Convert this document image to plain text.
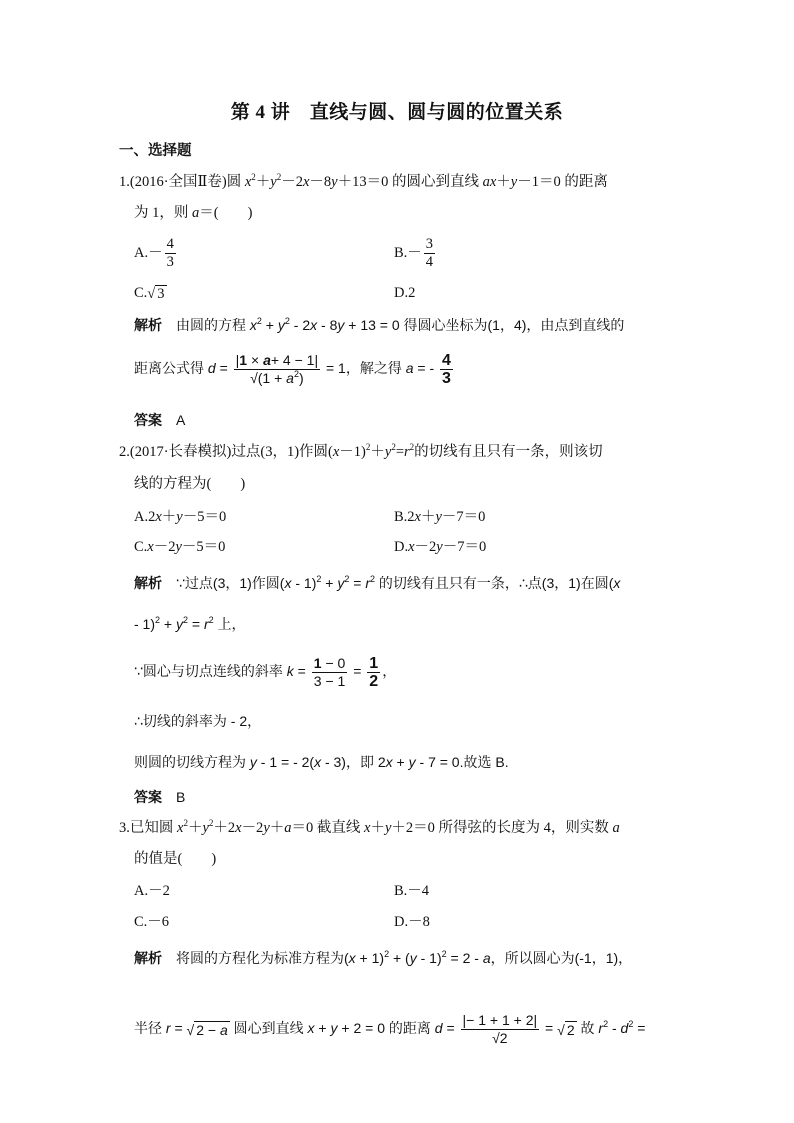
第 4 讲　直线与圆、圆与圆的位置关系
一、选择题
1.(2016·全国Ⅱ卷)圆 $x^2+y^2-2x-8y+13=0$ 的圆心到直线 ax＋y－1＝0 的距离
为 1，则 a＝(　　)
$A.- \frac{4}{3}$	$B.- \frac{3}{4}$
C.√ 3	D.2
解析　由圆的方程 $x^2 + y^2 - 2x - 8y + 13 = 0$ 得圆心坐标为(1，4)，由点到直线的
距离公式得 $d = \frac{|1 \times a+ 4 - 1|}{√(1 + a^2)} = 1$，解之得 a = - $\frac{4}{3}$
答案　A
2.(2017·长春模拟)过点(3，1)作圆$(x-1)^2+y^2=r^2$的切线有且只有一条，则该切
线的方程为(　　)
A.2x＋y－5＝0	B.2x＋y－7＝0
C.x－2y－5＝0	D.x－2y－7＝0
解析　∵过点(3，1)作圆$(x - 1)^2 + y^2 = r^2$ 的切线有且只有一条，∴点(3，1)在圆(x
- $1)^2 + y^2 = r^2$ 上，
∵圆心与切点连线的斜率 $k = \frac{1 - 0}{3 - 1} = \frac{1}{2}$ ，
∴切线的斜率为 - 2，
则圆的切线方程为 y - 1 = - 2(x - 3)，即 2x + y - 7 = 0.故选 B.
答案　B
3.已知圆 $x^2+y^2+2x-2y+a=0$ 截直线 x＋y＋2＝0 所得弦的长度为 4，则实数 a
的值是(　　)
A.－2	B.－4
C.－6	D.－8
解析　将圆的方程化为标准方程为$(x + 1)^2 + (y - 1)^2 = 2 - a$，所以圆心为(-1，1)，
半径 r = √ 2 − a 圆心到直线 x + y + 2 = 0 的距离 $d = \frac{|- 1 + 1 + 2|}{√2}$ = √ 2 故 $r^2 - d^2$ =
